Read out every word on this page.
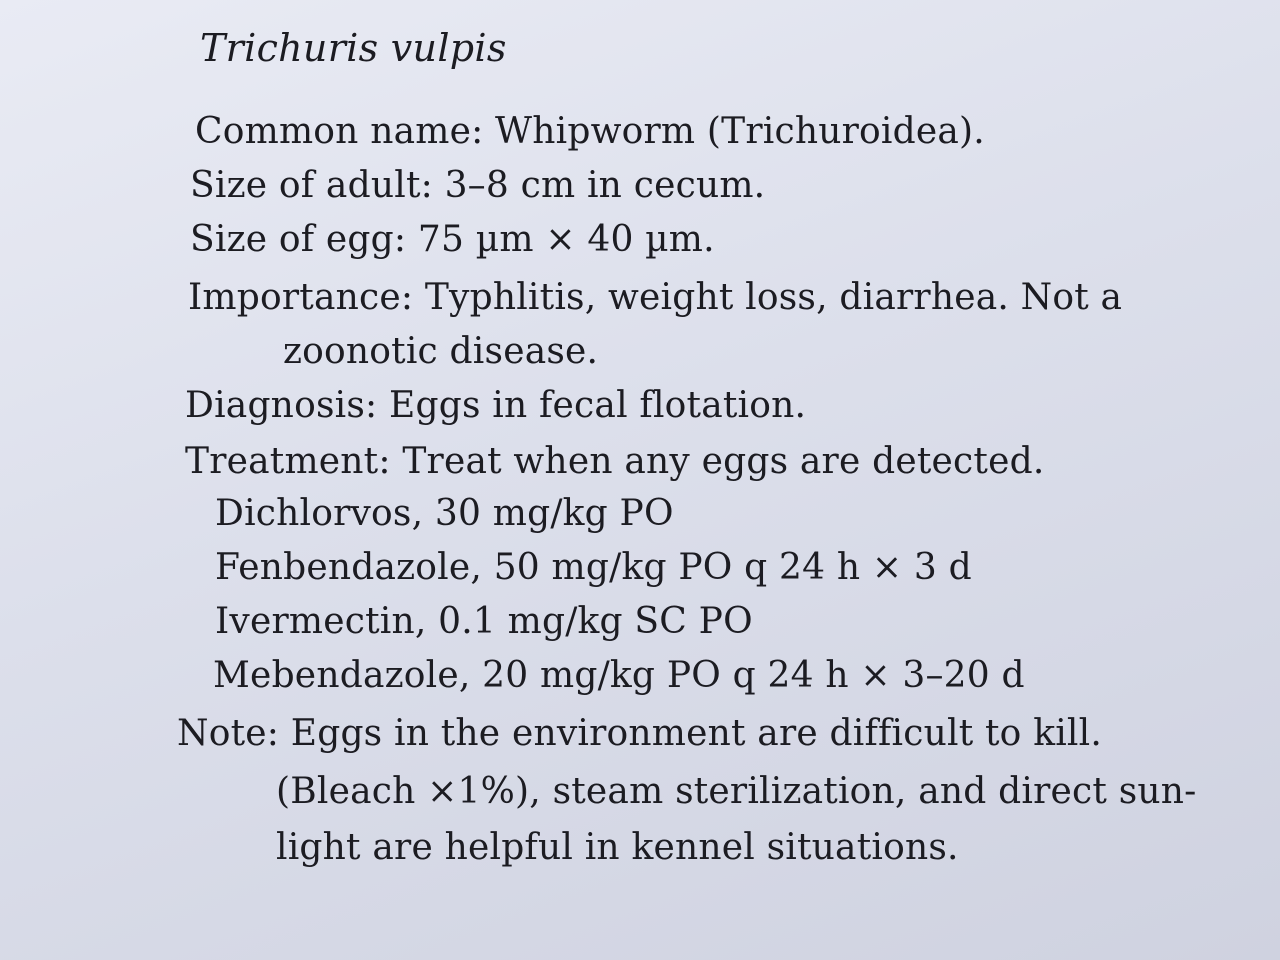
Trichuris vulpis
Common name: Whipworm (Trichuroidea).
Size of adult: 3–8 cm in cecum.
Size of egg: 75 µm × 40 µm.
Importance: Typhlitis, weight loss, diarrhea. Not a
zoonotic disease.
Diagnosis: Eggs in fecal flotation.
Treatment: Treat when any eggs are detected.
Dichlorvos, 30 mg/kg PO
Fenbendazole, 50 mg/kg PO q 24 h × 3 d
Ivermectin, 0.1 mg/kg SC PO
Mebendazole, 20 mg/kg PO q 24 h × 3–20 d
Note: Eggs in the environment are difficult to kill.
(Bleach ×1%), steam sterilization, and direct sun-
light are helpful in kennel situations.
